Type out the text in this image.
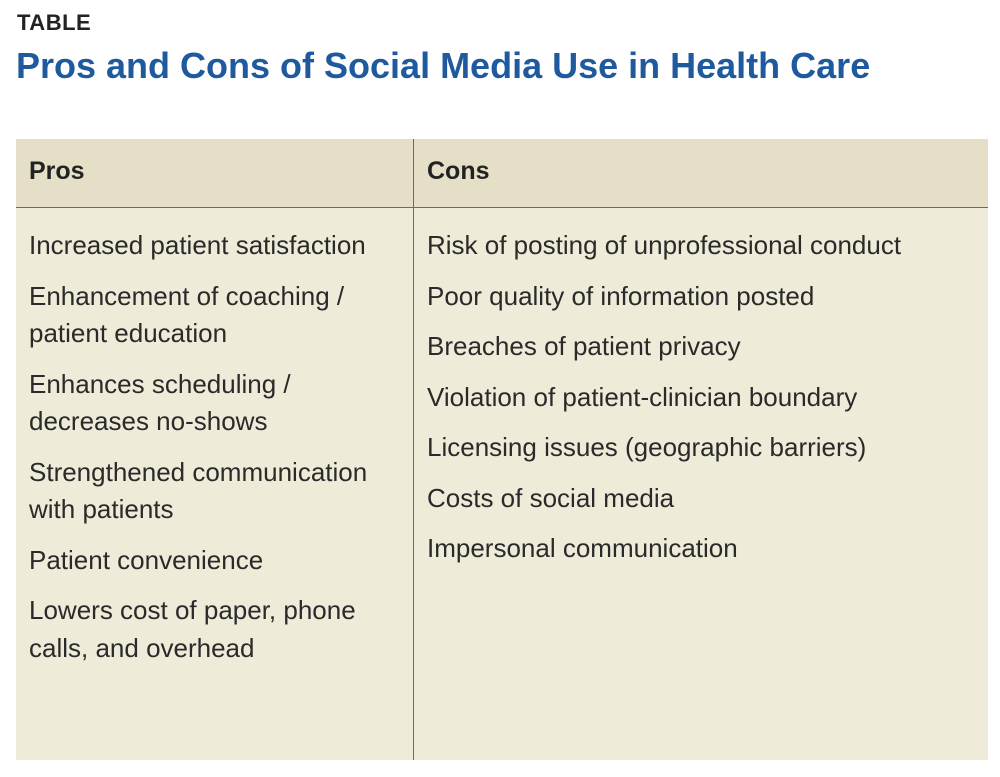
TABLE
Pros and Cons of Social Media Use in Health Care
Pros	Cons
Increased patient satisfaction
Enhancement of coaching / patient education
Enhances scheduling / decreases no-shows
Strengthened communication with patients
Patient convenience
Lowers cost of paper, phone calls, and overhead
Risk of posting of unprofessional conduct
Poor quality of information posted
Breaches of patient privacy
Violation of patient-clinician boundary
Licensing issues (geographic barriers)
Costs of social media
Impersonal communication
